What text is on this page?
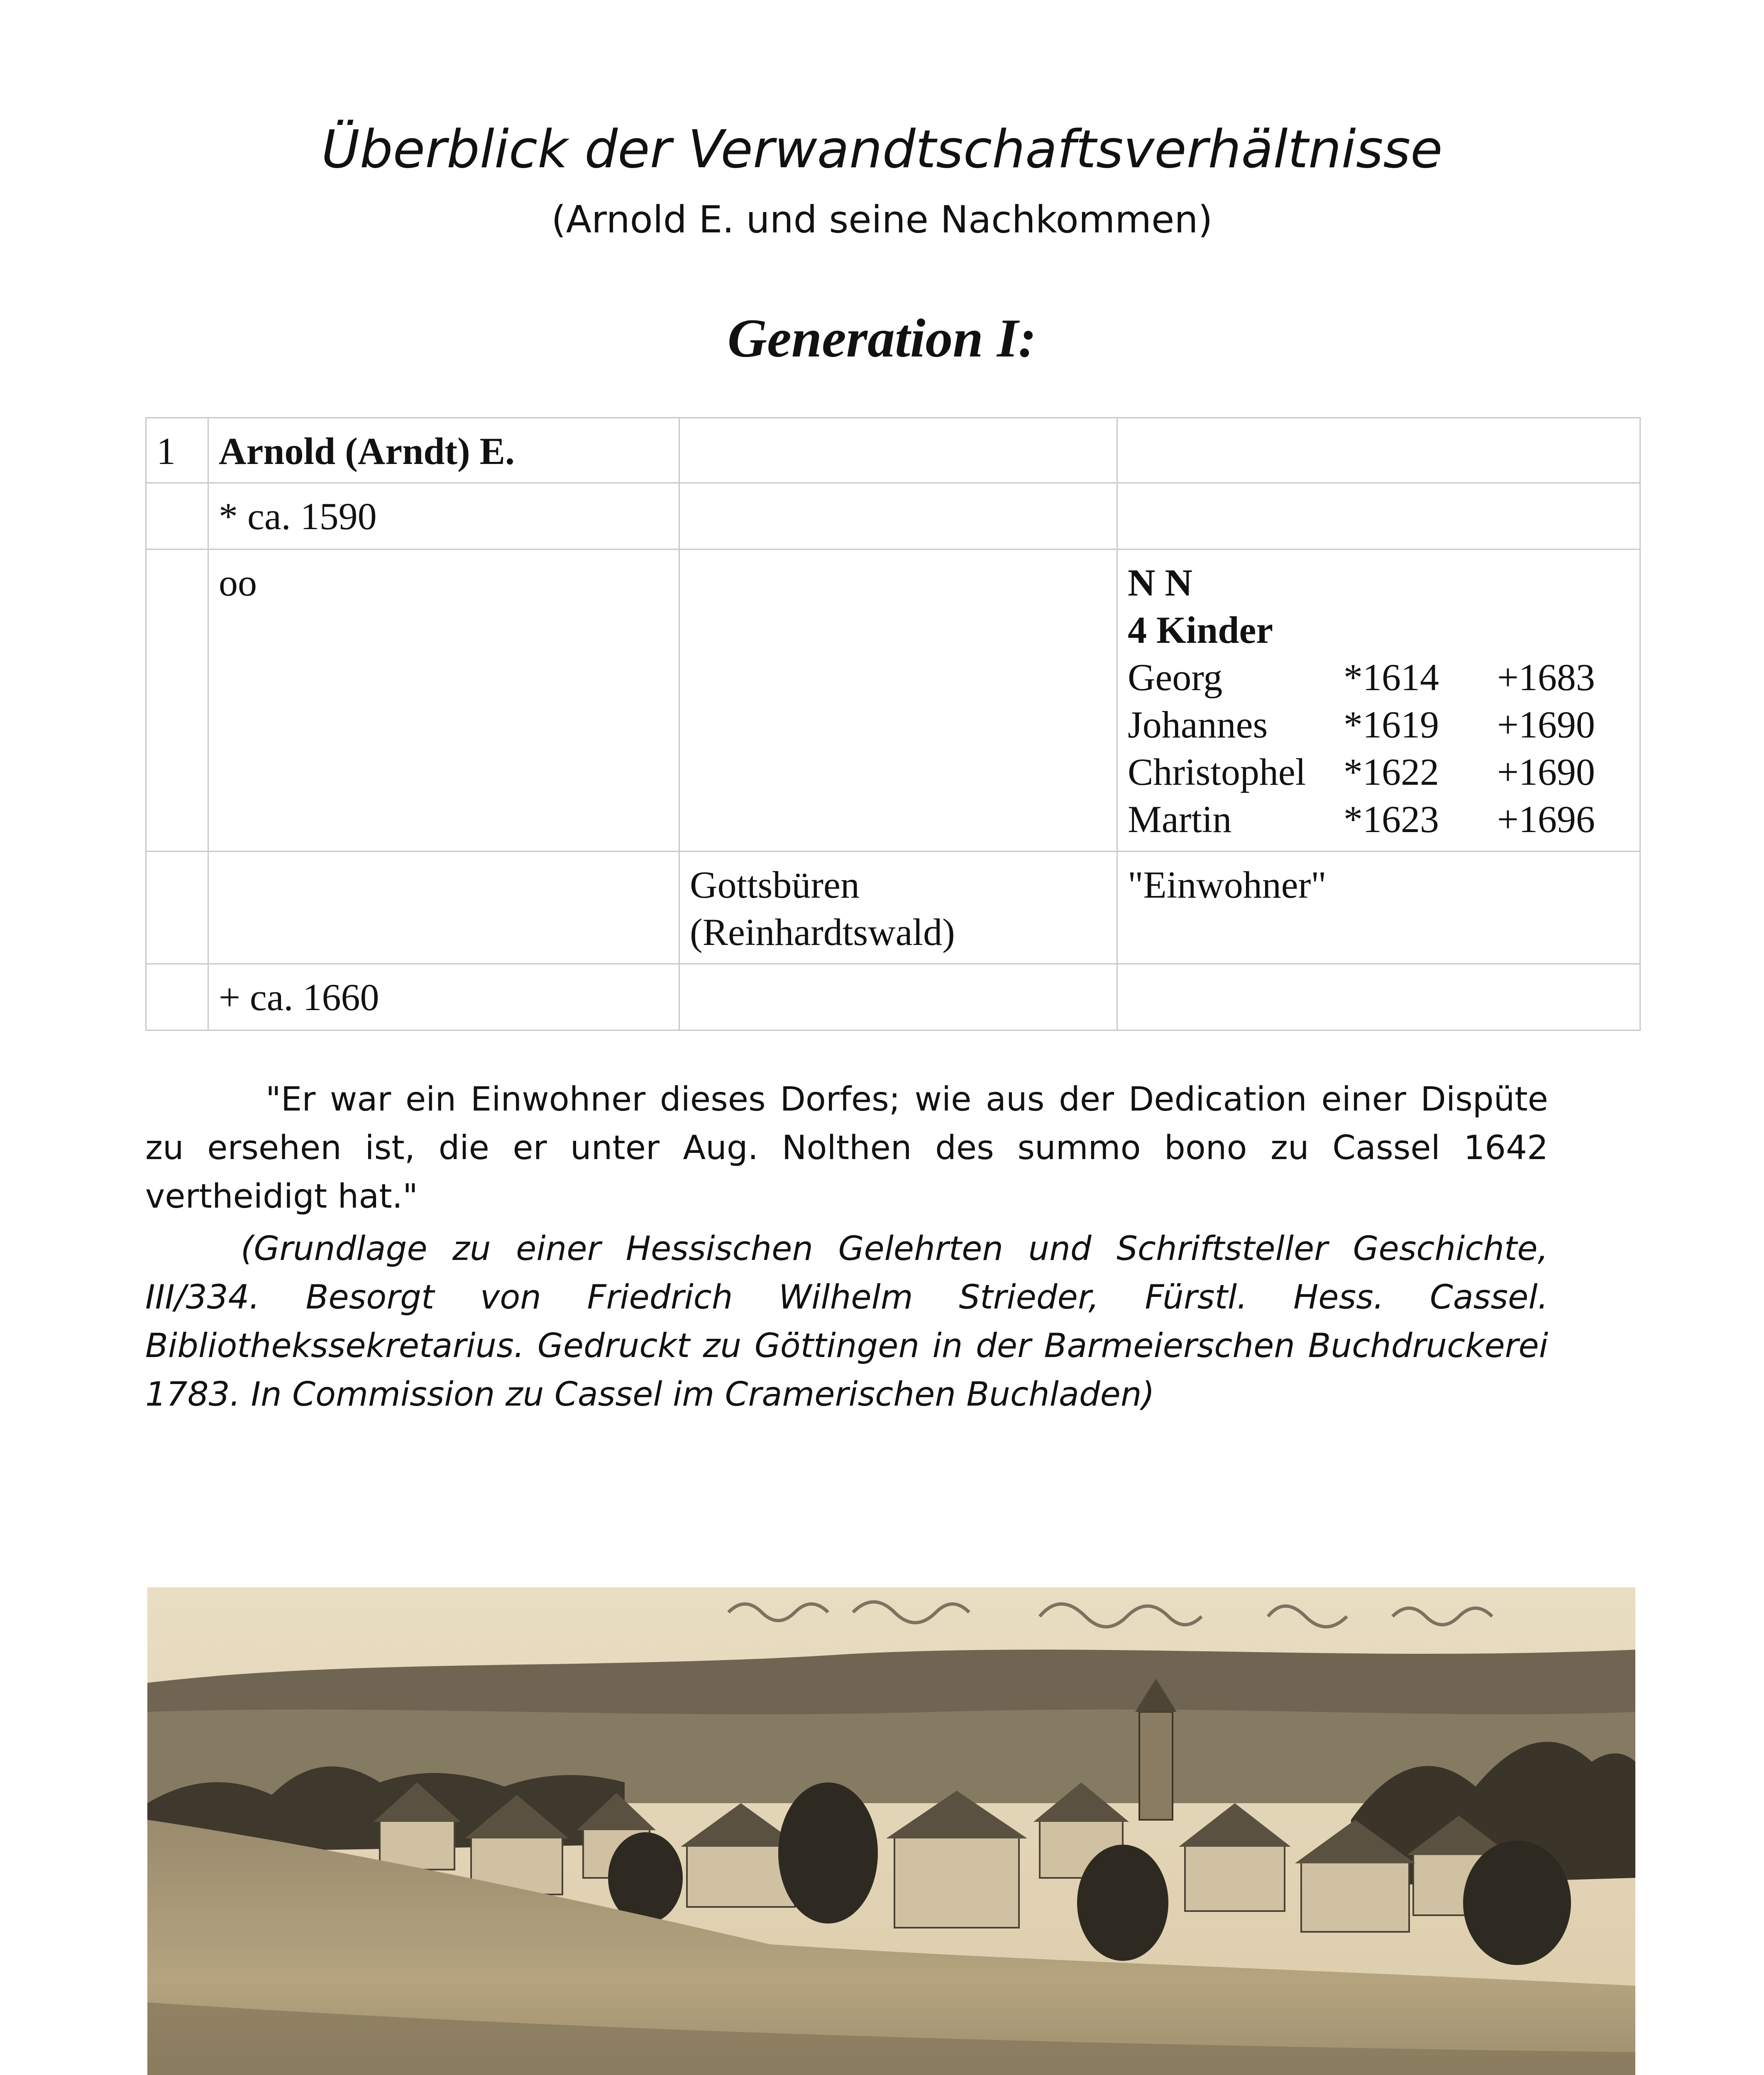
Überblick der Verwandtschaftsverhältnisse
(Arnold E. und seine Nachkommen)
Generation I:
1	Arnold (Arndt) E.		
	* ca. 1590		
	oo		N N
4 Kinder
Georg	*1614	+1683
Johannes	*1619	+1690
Christophel	*1622	+1690
Martin	*1623	+1696

		Gottsbüren (Reinhardtswald)	"Einwohner"
	+ ca. 1660		
"Er war ein Einwohner dieses Dorfes; wie aus der Dedication einer Dispüte zu ersehen ist, die er unter Aug. Nolthen des summo bono zu Cassel 1642 vertheidigt hat."
(Grundlage zu einer Hessischen Gelehrten und Schriftsteller Geschichte, III/334. Besorgt von Friedrich Wilhelm Strieder, Fürstl. Hess. Cassel. Bibliothekssekretarius. Gedruckt zu Göttingen in der Barmeierschen Buchdruckerei 1783. In Commission zu Cassel im Cramerischen Buchladen)
